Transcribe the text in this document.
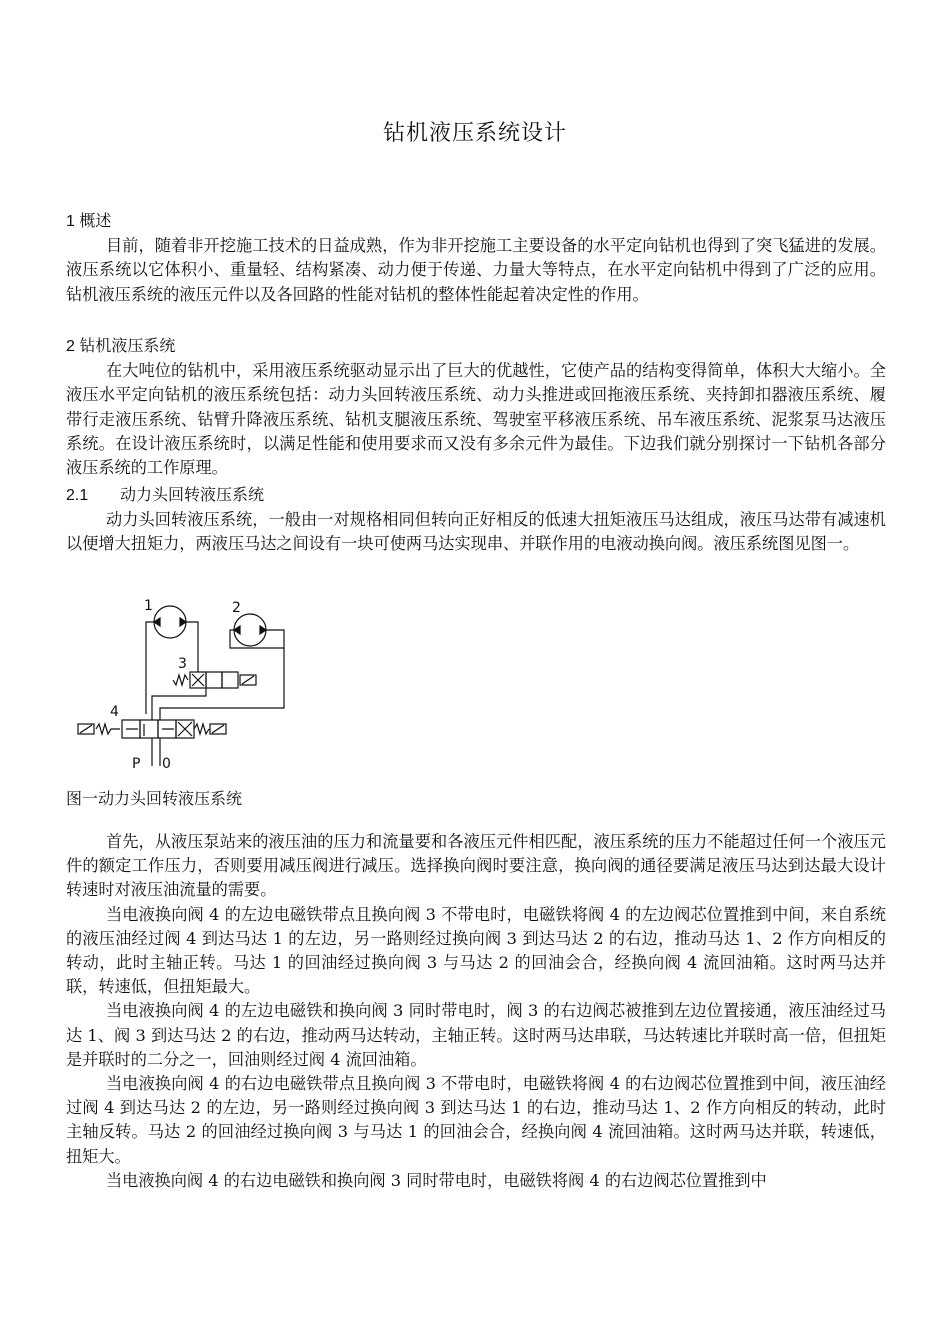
钻机液压系统设计
1 概述

目前，随着非开挖施工技术的日益成熟，作为非开挖施工主要设备的水平定向钻机也得到了突飞猛进的发展。液压系统以它体积小、重量轻、结构紧凑、动力便于传递、力量大等特点，在水平定向钻机中得到了广泛的应用。钻机液压系统的液压元件以及各回路的性能对钻机的整体性能起着决定性的作用。

2 钻机液压系统

在大吨位的钻机中，采用液压系统驱动显示出了巨大的优越性，它使产品的结构变得简单，体积大大缩小。全液压水平定向钻机的液压系统包括：动力头回转液压系统、动力头推进或回拖液压系统、夹持卸扣器液压系统、履带行走液压系统、钻臂升降液压系统、钻机支腿液压系统、驾驶室平移液压系统、吊车液压系统、泥浆泵马达液压系统。在设计液压系统时，以满足性能和使用要求而又没有多余元件为最佳。下边我们就分别探讨一下钻机各部分液压系统的工作原理。

2.1 动力头回转液压系统

动力头回转液压系统，一般由一对规格相同但转向正好相反的低速大扭矩液压马达组成，液压马达带有减速机以便增大扭矩力，两液压马达之间设有一块可使两马达实现串、并联作用的电液动换向阀。液压系统图见图一。

1	2
3
4
P 0
图一动力头回转液压系统

首先，从液压泵站来的液压油的压力和流量要和各液压元件相匹配，液压系统的压力不能超过任何一个液压元件的额定工作压力，否则要用减压阀进行减压。选择换向阀时要注意，换向阀的通径要满足液压马达到达最大设计转速时对液压油流量的需要。

当电液换向阀 4 的左边电磁铁带点且换向阀 3 不带电时，电磁铁将阀 4 的左边阀芯位置推到中间，来自系统的液压油经过阀 4 到达马达 1 的左边，另一路则经过换向阀 3 到达马达 2 的右边，推动马达 1、2 作方向相反的转动，此时主轴正转。马达 1 的回油经过换向阀 3 与马达 2 的回油会合，经换向阀 4 流回油箱。这时两马达并联，转速低，但扭矩最大。

当电液换向阀 4 的左边电磁铁和换向阀 3 同时带电时，阀 3 的右边阀芯被推到左边位置接通，液压油经过马达 1、阀 3 到达马达 2 的右边，推动两马达转动，主轴正转。这时两马达串联，马达转速比并联时高一倍，但扭矩是并联时的二分之一，回油则经过阀 4 流回油箱。

当电液换向阀 4 的右边电磁铁带点且换向阀 3 不带电时，电磁铁将阀 4 的右边阀芯位置推到中间，液压油经过阀 4 到达马达 2 的左边，另一路则经过换向阀 3 到达马达 1 的右边，推动马达 1、2 作方向相反的转动，此时主轴反转。马达 2 的回油经过换向阀 3 与马达 1 的回油会合，经换向阀 4 流回油箱。这时两马达并联，转速低，扭矩大。

当电液换向阀 4 的右边电磁铁和换向阀 3 同时带电时，电磁铁将阀 4 的右边阀芯位置推到中
